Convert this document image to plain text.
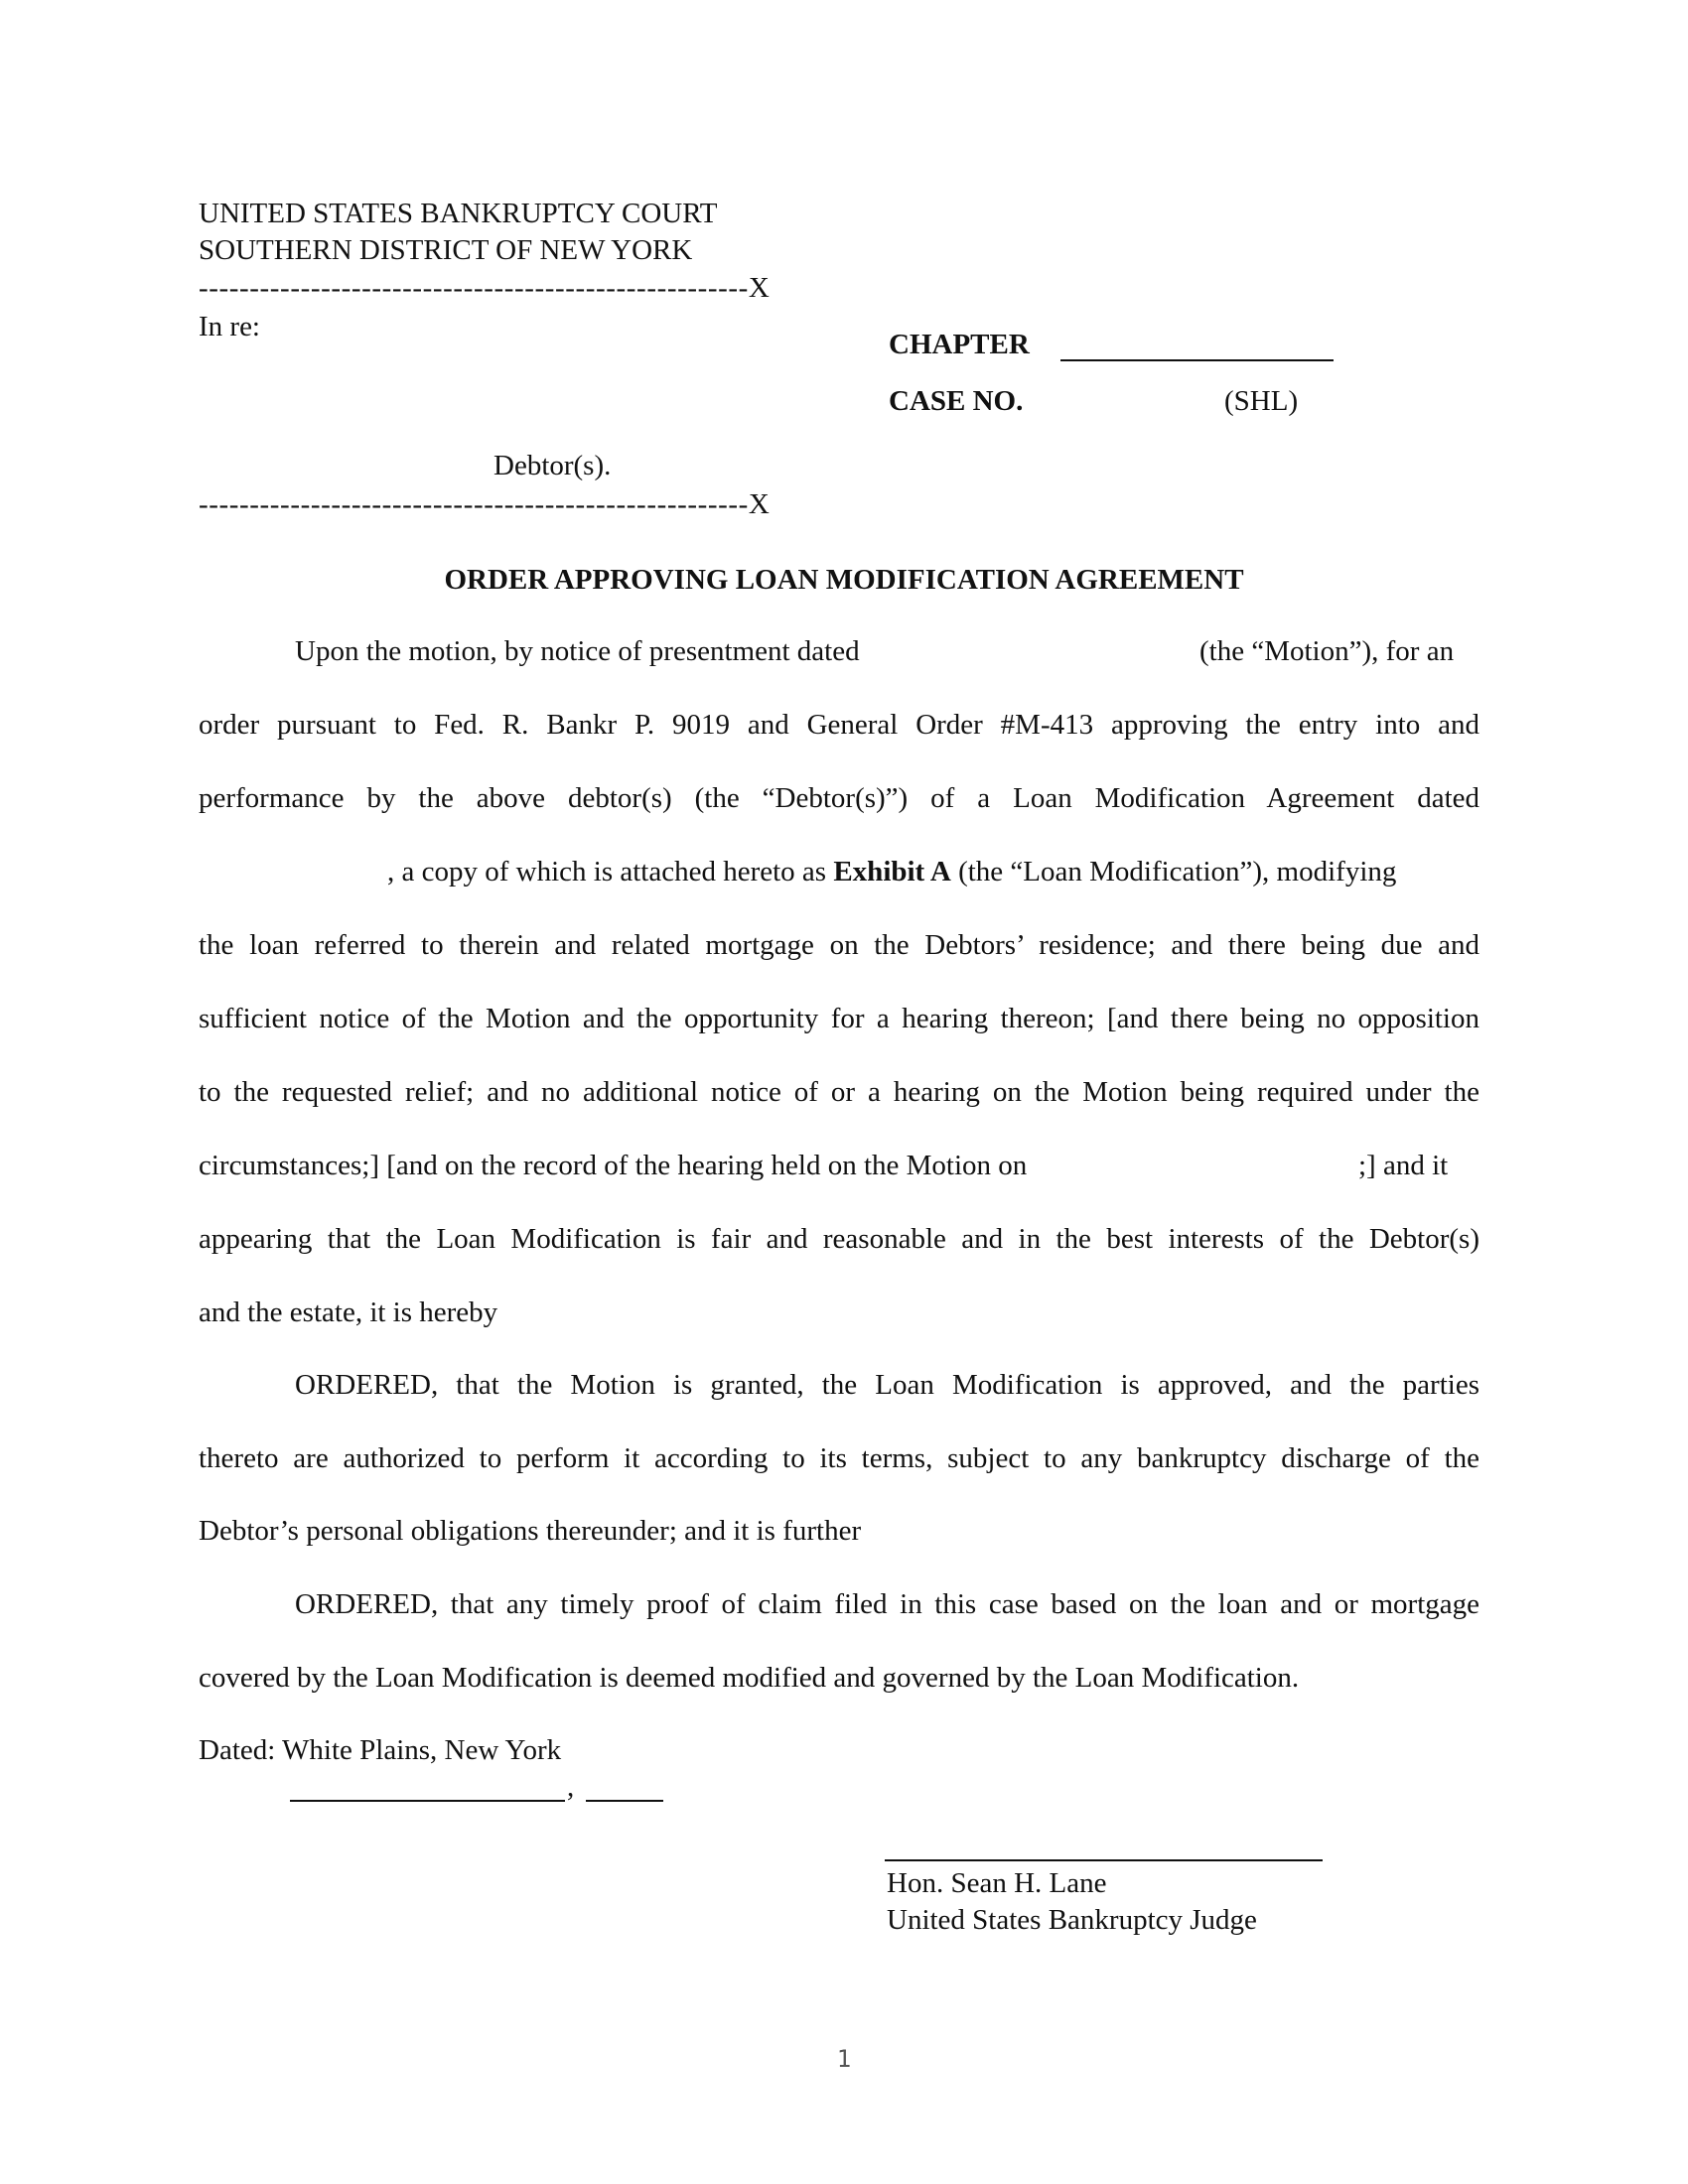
UNITED STATES BANKRUPTCY COURT
SOUTHERN DISTRICT OF NEW YORK
------------------------------------------------------X
In re:
Debtor(s).
------------------------------------------------------X
CHAPTER
CASE NO.	(SHL)
ORDER APPROVING LOAN MODIFICATION AGREEMENT
Upon the motion, by notice of presentment dated	(the “Motion”), for an
order pursuant to Fed. R. Bankr P. 9019 and General Order #M-413 approving the entry into and
performance by the above debtor(s) (the “Debtor(s)”) of a Loan Modification Agreement dated
, a copy of which is attached hereto as Exhibit A (the “Loan Modification”), modifying
the loan referred to therein and related mortgage on the Debtors’ residence; and there being due and
sufficient notice of the Motion and the opportunity for a hearing thereon; [and there being no opposition
to the requested relief; and no additional notice of or a hearing on the Motion being required under the
circumstances;] [and on the record of the hearing held on the Motion on	;] and it
appearing that the Loan Modification is fair and reasonable and in the best interests of the Debtor(s)
and the estate, it is hereby
ORDERED, that the Motion is granted, the Loan Modification is approved, and the parties
thereto are authorized to perform it according to its terms, subject to any bankruptcy discharge of the
Debtor’s personal obligations thereunder; and it is further
ORDERED, that any timely proof of claim filed in this case based on the loan and or mortgage
covered by the Loan Modification is deemed modified and governed by the Loan Modification.
Dated: White Plains, New York
,
Hon. Sean H. Lane
United States Bankruptcy Judge
1
